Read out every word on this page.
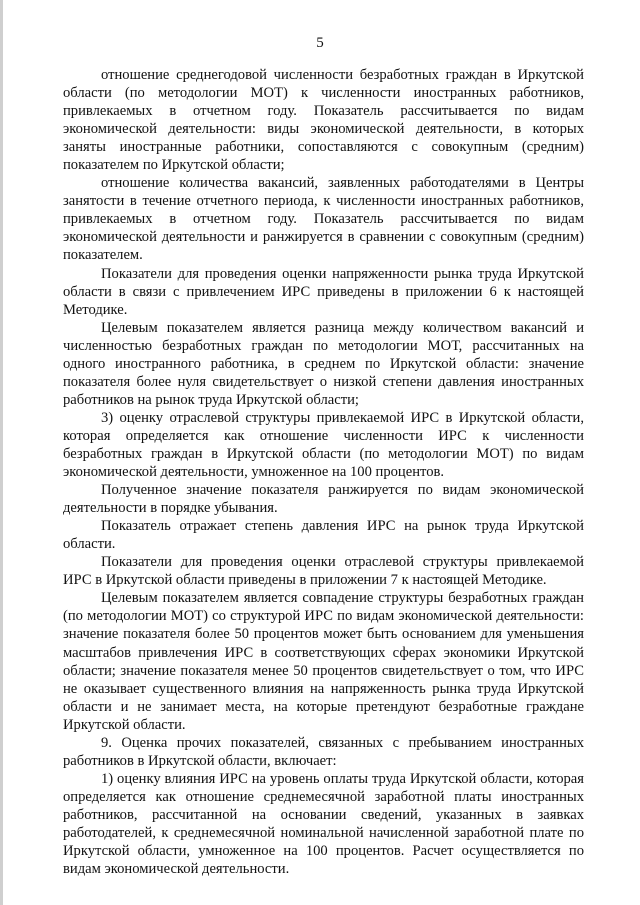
5

отношение среднегодовой численности безработных граждан в Иркутской области (по методологии МОТ) к численности иностранных работников, привлекаемых в отчетном году. Показатель рассчитывается по видам экономической деятельности: виды экономической деятельности, в которых заняты иностранные работники, сопоставляются с совокупным (средним) показателем по Иркутской области;

отношение количества вакансий, заявленных работодателями в Центры занятости в течение отчетного периода, к численности иностранных работников, привлекаемых в отчетном году. Показатель рассчитывается по видам экономической деятельности и ранжируется в сравнении с совокупным (средним) показателем.

Показатели для проведения оценки напряженности рынка труда Иркутской области в связи с привлечением ИРС приведены в приложении 6 к настоящей Методике.

Целевым показателем является разница между количеством вакансий и численностью безработных граждан по методологии МОТ, рассчитанных на одного иностранного работника, в среднем по Иркутской области: значение показателя более нуля свидетельствует о низкой степени давления иностранных работников на рынок труда Иркутской области;

3) оценку отраслевой структуры привлекаемой ИРС в Иркутской области, которая определяется как отношение численности ИРС к численности безработных граждан в Иркутской области (по методологии МОТ) по видам экономической деятельности, умноженное на 100 процентов.

Полученное значение показателя ранжируется по видам экономической деятельности в порядке убывания.

Показатель отражает степень давления ИРС на рынок труда Иркутской области.

Показатели для проведения оценки отраслевой структуры привлекаемой ИРС в Иркутской области приведены в приложении 7 к настоящей Методике.

Целевым показателем является совпадение структуры безработных граждан (по методологии МОТ) со структурой ИРС по видам экономической деятельности: значение показателя более 50 процентов может быть основанием для уменьшения масштабов привлечения ИРС в соответствующих сферах экономики Иркутской области; значение показателя менее 50 процентов свидетельствует о том, что ИРС не оказывает существенного влияния на напряженность рынка труда Иркутской области и не занимает места, на которые претендуют безработные граждане Иркутской области.

9. Оценка прочих показателей, связанных с пребыванием иностранных работников в Иркутской области, включает:

1) оценку влияния ИРС на уровень оплаты труда Иркутской области, которая определяется как отношение среднемесячной заработной платы иностранных работников, рассчитанной на основании сведений, указанных в заявках работодателей, к среднемесячной номинальной начисленной заработной плате по Иркутской области, умноженное на 100 процентов. Расчет осуществляется по видам экономической деятельности.
